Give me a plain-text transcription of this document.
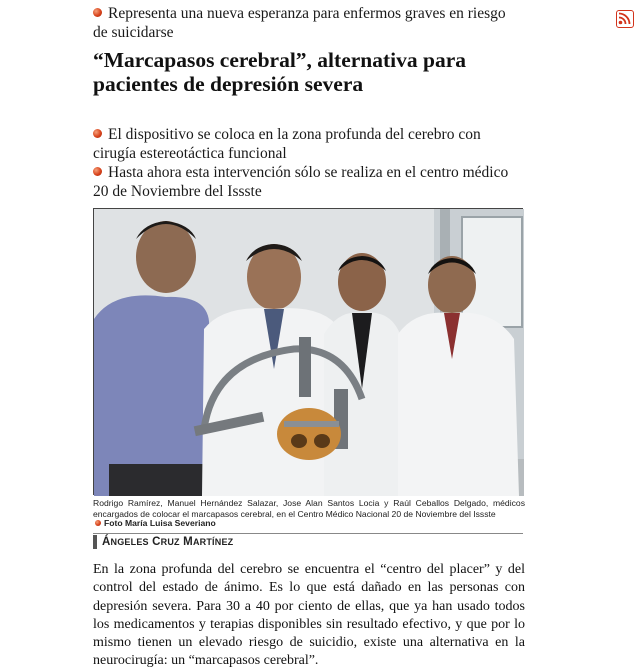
Representa una nueva esperanza para enfermos graves en riesgo de suicidarse
“Marcapasos cerebral”, alternativa para pacientes de depresión severa
El dispositivo se coloca en la zona profunda del cerebro con cirugía estereotáctica funcional
Hasta ahora esta intervención sólo se realiza en el centro médico 20 de Noviembre del Issste
Rodrigo Ramírez, Manuel Hernández Salazar, Jose Alan Santos Locia y Raúl Ceballos Delgado, médicos encargados de colocar el marcapasos cerebral, en el Centro Médico Nacional 20 de Noviembre del Issste
Foto María Luisa Severiano
ÁNGELES CRUZ MARTÍNEZ
En la zona profunda del cerebro se encuentra el “centro del placer” y del control del estado de ánimo. Es lo que está dañado en las personas con depresión severa. Para 30 a 40 por ciento de ellas, que ya han usado todos los medicamentos y terapias disponibles sin resultado efectivo, y que por lo mismo tienen un elevado riesgo de suicidio, existe una alternativa en la neurocirugía: un “marcapasos cerebral”.
